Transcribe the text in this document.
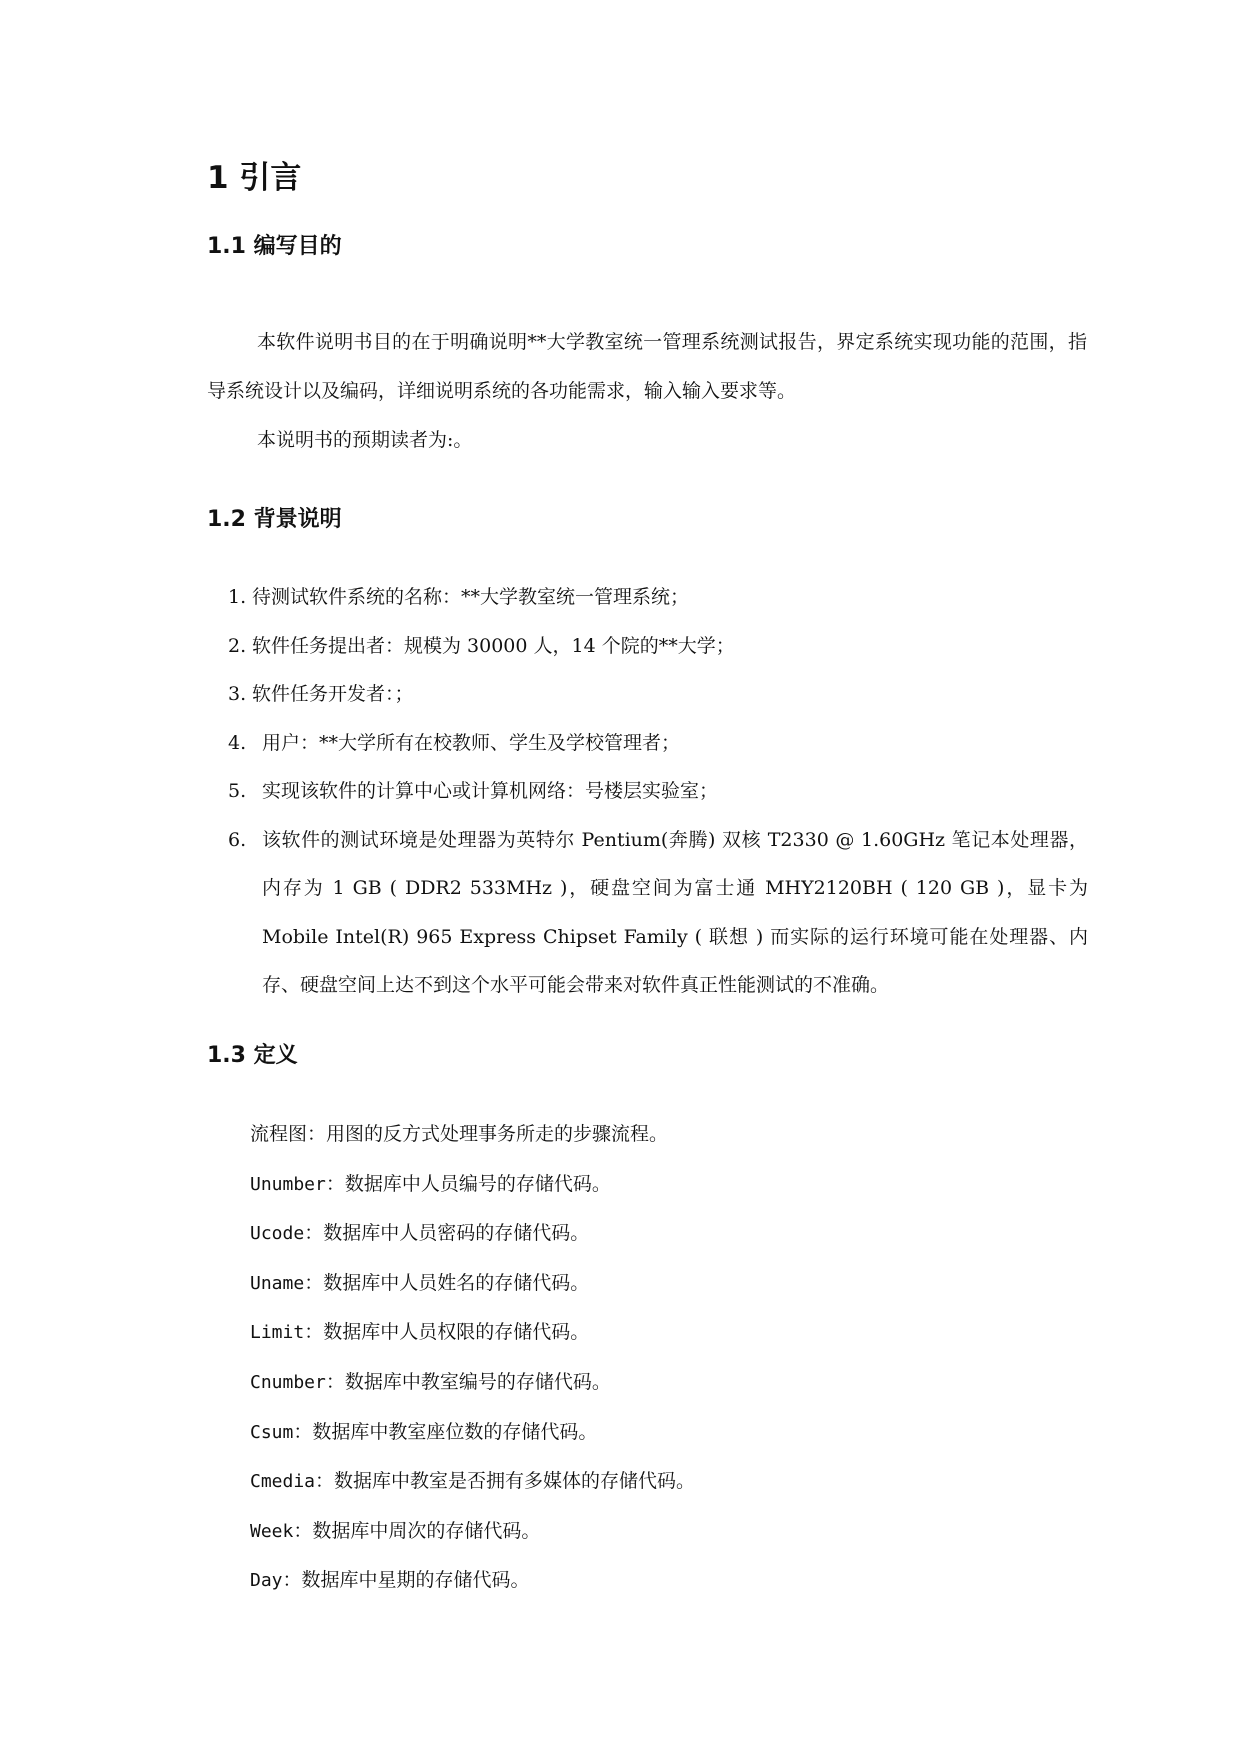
1 引言
1.1 编写目的
本软件说明书目的在于明确说明**大学教室统一管理系统测试报告，界定系统实现功能的范围，指导系统设计以及编码，详细说明系统的各功能需求，输入输入要求等。
本说明书的预期读者为:。
1.2 背景说明
1. 待测试软件系统的名称：**大学教室统一管理系统；
2. 软件任务提出者：规模为 30000 人，14 个院的**大学；
3. 软件任务开发者：；
4. 用户：**大学所有在校教师、学生及学校管理者；
5. 实现该软件的计算中心或计算机网络：号楼层实验室；
6. 该软件的测试环境是处理器为英特尔 Pentium(奔腾) 双核 T2330 @ 1.60GHz 笔记本处理器，内存为 1 GB ( DDR2 533MHz )，硬盘空间为富士通 MHY2120BH ( 120 GB )，显卡为 Mobile Intel(R) 965 Express Chipset Family ( 联想 ) 而实际的运行环境可能在处理器、内存、硬盘空间上达不到这个水平可能会带来对软件真正性能测试的不准确。
1.3 定义
流程图：用图的反方式处理事务所走的步骤流程。
Unumber：数据库中人员编号的存储代码。
Ucode：数据库中人员密码的存储代码。
Uname：数据库中人员姓名的存储代码。
Limit：数据库中人员权限的存储代码。
Cnumber：数据库中教室编号的存储代码。
Csum：数据库中教室座位数的存储代码。
Cmedia：数据库中教室是否拥有多媒体的存储代码。
Week：数据库中周次的存储代码。
Day：数据库中星期的存储代码。
